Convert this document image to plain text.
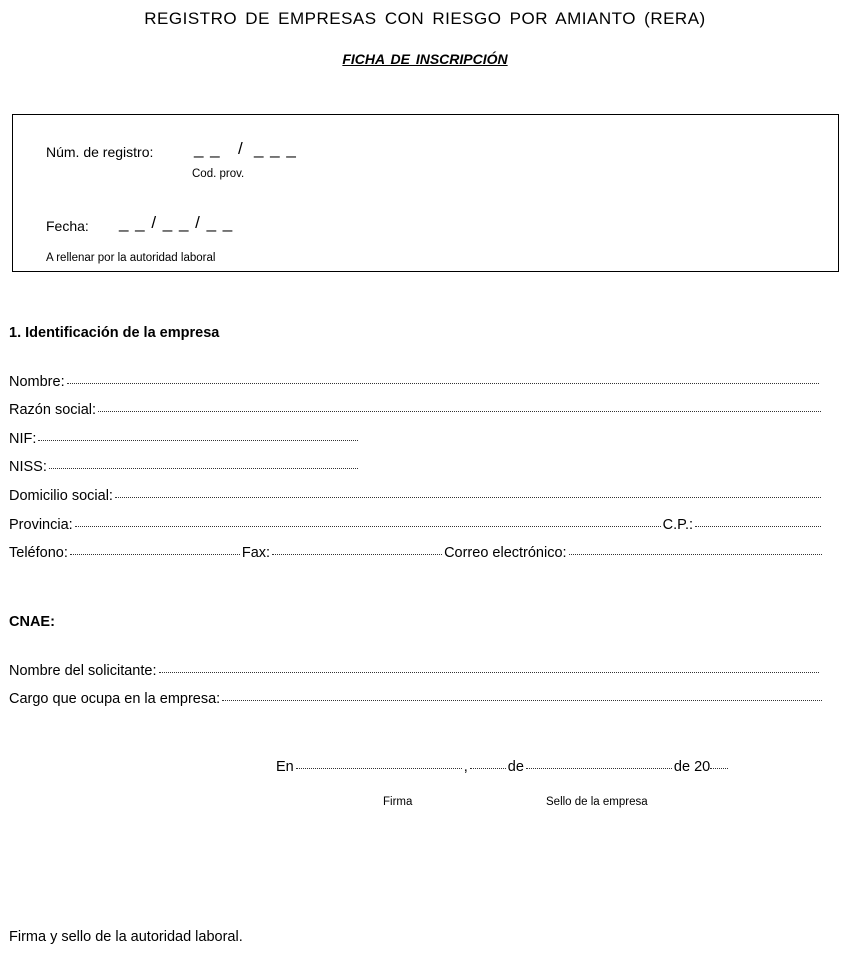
REGISTRO DE EMPRESAS CON RIESGO POR AMIANTO (RERA)
FICHA DE INSCRIPCIÓN
Núm. de registro: _ _ / _ _ _
Cod. prov.
Fecha: _ _ / _ _ / _ _
A rellenar por la autoridad laboral
1. Identificación de la empresa
Nombre:
Razón social:
NIF:
NISS:
Domicilio social:
Provincia:	C.P.:
Teléfono:	Fax:	Correo electrónico:
CNAE:
Nombre del solicitante:
Cargo que ocupa en la empresa:
En	,	de	de 20
Firma	Sello de la empresa
Firma y sello de la autoridad laboral.
